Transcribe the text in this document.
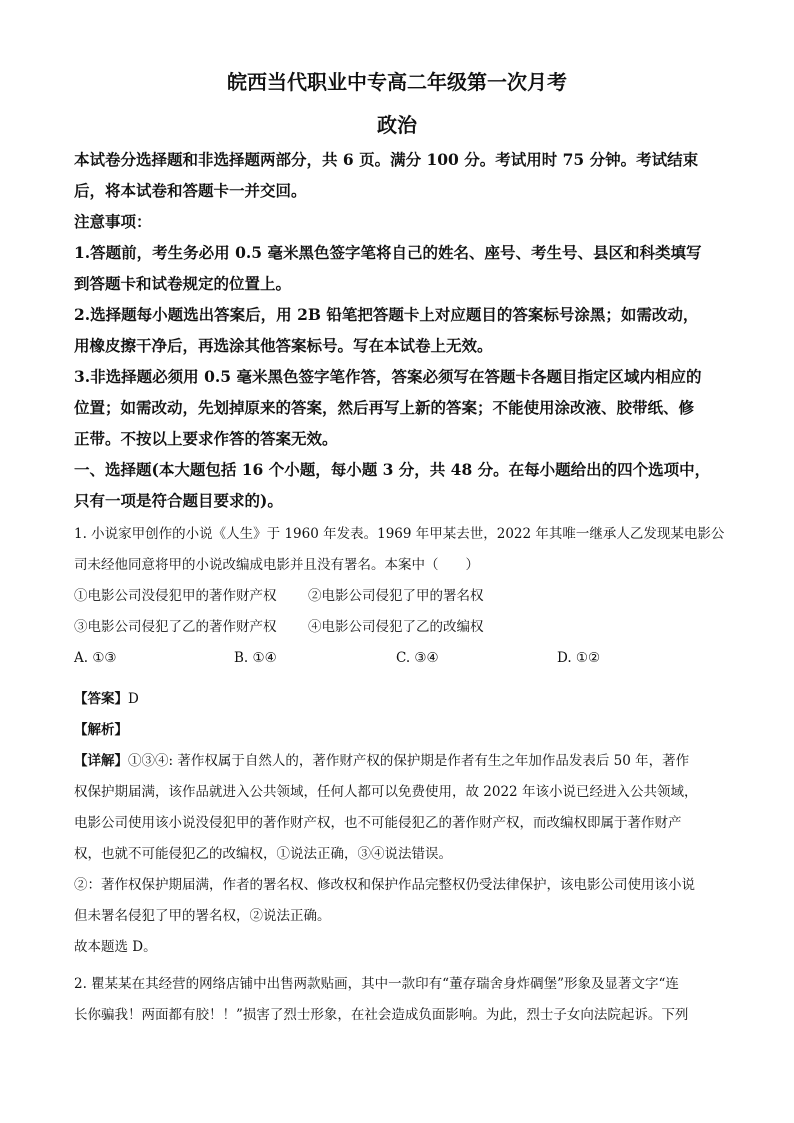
皖西当代职业中专高二年级第一次月考
政治
本试卷分选择题和非选择题两部分，共 6 页。满分 100 分。考试用时 75 分钟。考试结束
后，将本试卷和答题卡一并交回。
注意事项：
1.答题前，考生务必用 0.5 毫米黑色签字笔将自己的姓名、座号、考生号、县区和科类填写
到答题卡和试卷规定的位置上。
2.选择题每小题选出答案后，用 2B 铅笔把答题卡上对应题目的答案标号涂黑；如需改动，
用橡皮擦干净后，再选涂其他答案标号。写在本试卷上无效。
3.非选择题必须用 0.5 毫米黑色签字笔作答，答案必须写在答题卡各题目指定区域内相应的
位置；如需改动，先划掉原来的答案，然后再写上新的答案；不能使用涂改液、胶带纸、修
正带。不按以上要求作答的答案无效。
一、选择题(本大题包括 16 个小题，每小题 3 分，共 48 分。在每小题给出的四个选项中，
只有一项是符合题目要求的)。
1. 小说家甲创作的小说《人生》于 1960 年发表。1969 年甲某去世，2022 年其唯一继承人乙发现某电影公
司未经他同意将甲的小说改编成电影并且没有署名。本案中（　　）
①电影公司没侵犯甲的著作财产权 ②电影公司侵犯了甲的署名权
③电影公司侵犯了乙的著作财产权 ④电影公司侵犯了乙的改编权
A. ①③	B. ①④	C. ③④	D. ①②
【答案】D
【解析】
【详解】①③④: 著作权属于自然人的，著作财产权的保护期是作者有生之年加作品发表后 50 年，著作
权保护期届满，该作品就进入公共领域，任何人都可以免费使用，故 2022 年该小说已经进入公共领域，
电影公司使用该小说没侵犯甲的著作财产权，也不可能侵犯乙的著作财产权，而改编权即属于著作财产
权，也就不可能侵犯乙的改编权，①说法正确，③④说法错误。
②：著作权保护期届满，作者的署名权、修改权和保护作品完整权仍受法律保护，该电影公司使用该小说
但未署名侵犯了甲的署名权，②说法正确。
故本题选 D。
2. 瞿某某在其经营的网络店铺中出售两款贴画，其中一款印有“董存瑞舍身炸碉堡”形象及显著文字“连
长你骗我！两面都有胶！！”损害了烈士形象，在社会造成负面影响。为此，烈士子女向法院起诉。下列
